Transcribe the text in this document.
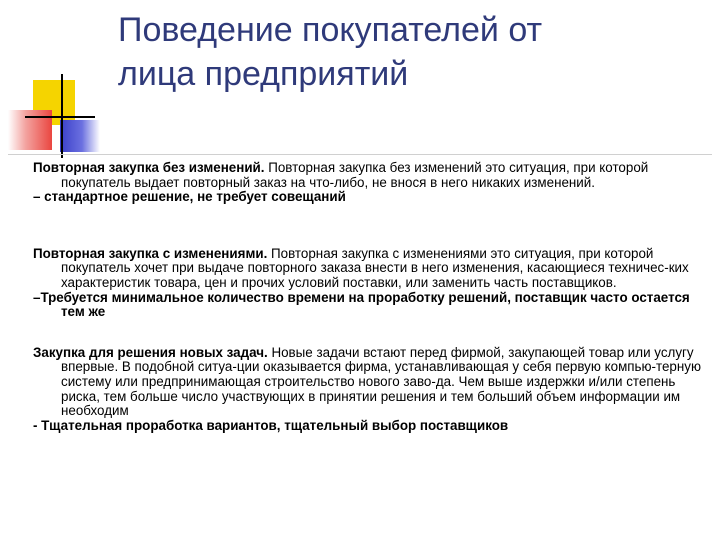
Поведение покупателей от
лица предприятий

Повторная закупка без изменений. Повторная закупка без изменений это ситуация, при которой покупатель выдает повторный заказ на что-либо, не внося в него никаких изменений.

– стандартное решение, не требует совещаний

Повторная закупка с изменениями. Повторная закупка с изменениями это ситуация, при которой покупатель хочет при выдаче повторного заказа внести в него изменения, касающиеся техничес-ких характеристик товара, цен и прочих условий поставки, или заменить часть поставщиков.

–Требуется минимальное количество времени на проработку решений, поставщик часто остается тем же

Закупка для решения новых задач. Новые задачи встают перед фирмой, закупающей товар или услугу впервые. В подобной ситуа-ции оказывается фирма, устанавливающая у себя первую компью-терную систему или предпринимающая строительство нового заво-да. Чем выше издержки и/или степень риска, тем больше число участвующих в принятии решения и тем больший объем информации им необходим

- Тщательная проработка вариантов, тщательный выбор поставщиков
